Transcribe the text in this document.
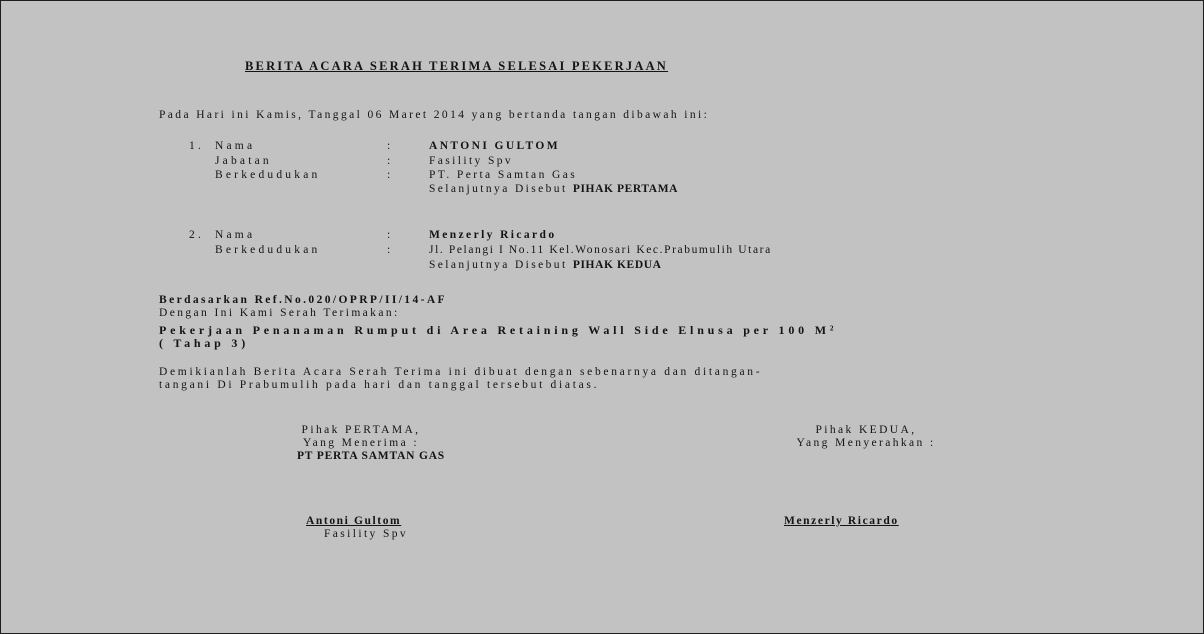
BERITA ACARA SERAH TERIMA SELESAI PEKERJAAN
Pada Hari ini Kamis, Tanggal 06 Maret 2014 yang bertanda tangan dibawah ini:
1. Nama	:	ANTONI GULTOM
Jabatan	:	Fasility Spv
Berkedudukan	:	PT. Perta Samtan Gas
Selanjutnya Disebut PIHAK PERTAMA
2. Nama	:	Menzerly Ricardo
Berkedudukan	:	Jl. Pelangi I No.11 Kel.Wonosari Kec.Prabumulih Utara
Selanjutnya Disebut PIHAK KEDUA
Berdasarkan Ref.No.020/OPRP/II/14-AF
Dengan Ini Kami Serah Terimakan:
Pekerjaan Penanaman Rumput di Area Retaining Wall Side Elnusa per 100 M²
( Tahap 3)
Demikianlah Berita Acara Serah Terima ini dibuat dengan sebenarnya dan ditangan-
tangani Di Prabumulih pada hari dan tanggal tersebut diatas.
Pihak PERTAMA,
Yang Menerima :
PT PERTA SAMTAN GAS
Antoni Gultom
Fasility Spv
Pihak KEDUA,
Yang Menyerahkan :
Menzerly Ricardo
